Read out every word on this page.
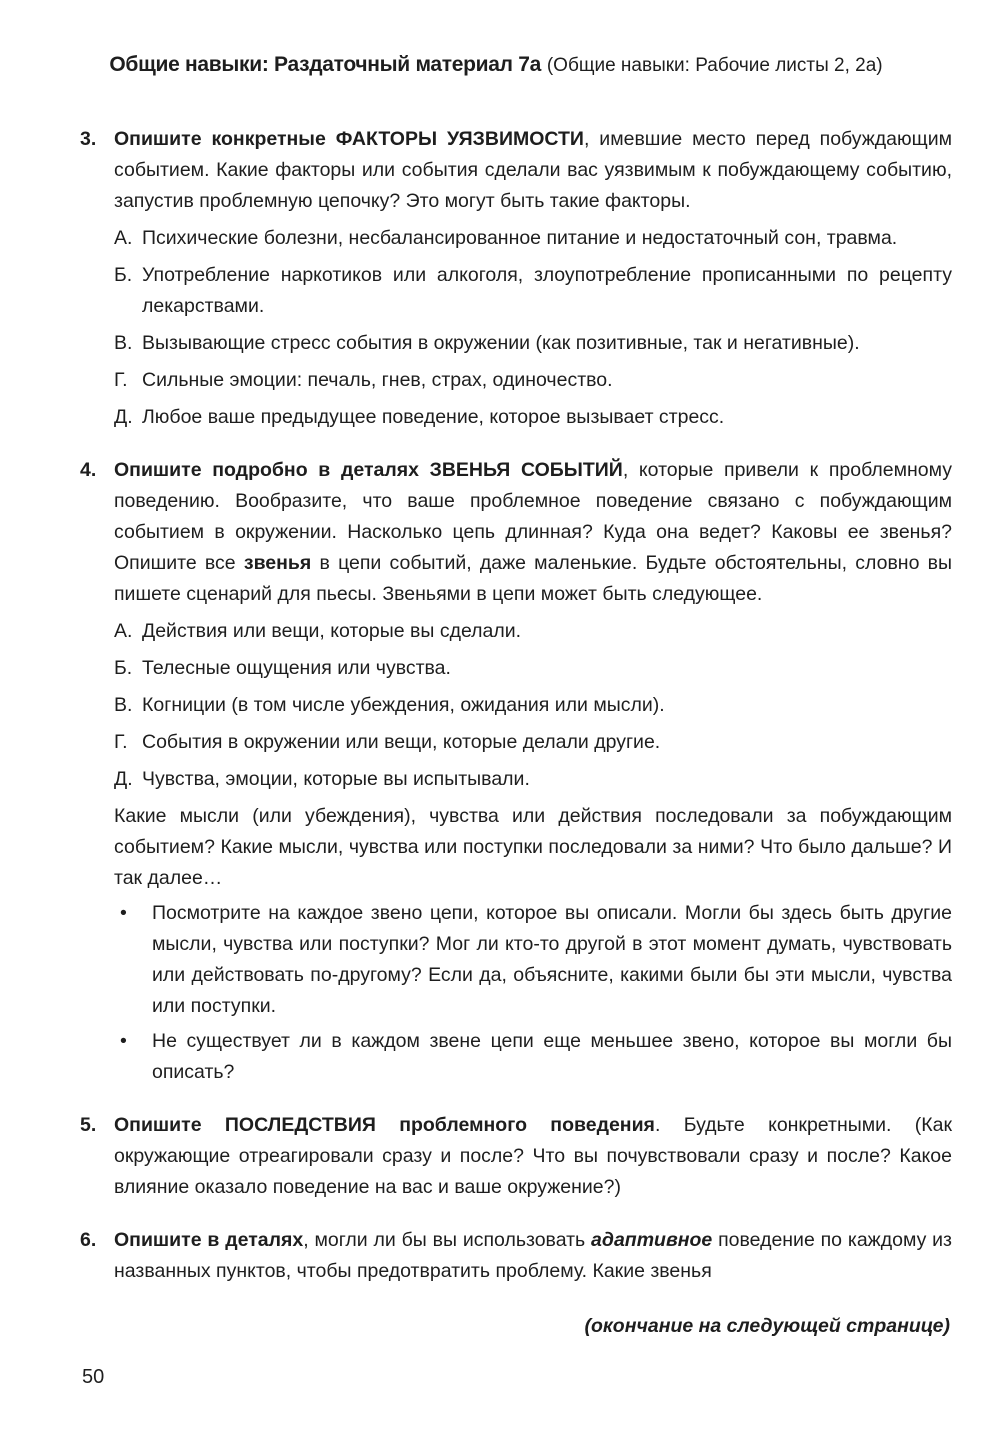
Общие навыки: Раздаточный материал 7а (Общие навыки: Рабочие листы 2, 2а)
3. Опишите конкретные ФАКТОРЫ УЯЗВИМОСТИ, имевшие место перед побуждающим событием. Какие факторы или события сделали вас уязвимым к побуждающему событию, запустив проблемную цепочку? Это могут быть такие факторы.
А. Психические болезни, несбалансированное питание и недостаточный сон, травма.
Б. Употребление наркотиков или алкоголя, злоупотребление прописанными по рецепту лекарствами.
В. Вызывающие стресс события в окружении (как позитивные, так и негативные).
Г. Сильные эмоции: печаль, гнев, страх, одиночество.
Д. Любое ваше предыдущее поведение, которое вызывает стресс.
4. Опишите подробно в деталях ЗВЕНЬЯ СОБЫТИЙ, которые привели к проблемному поведению. Вообразите, что ваше проблемное поведение связано с побуждающим событием в окружении. Насколько цепь длинная? Куда она ведет? Каковы ее звенья? Опишите все звенья в цепи событий, даже маленькие. Будьте обстоятельны, словно вы пишете сценарий для пьесы. Звеньями в цепи может быть следующее.
А. Действия или вещи, которые вы сделали.
Б. Телесные ощущения или чувства.
В. Когниции (в том числе убеждения, ожидания или мысли).
Г. События в окружении или вещи, которые делали другие.
Д. Чувства, эмоции, которые вы испытывали.
Какие мысли (или убеждения), чувства или действия последовали за побуждающим событием? Какие мысли, чувства или поступки последовали за ними? Что было дальше? И так далее…
• Посмотрите на каждое звено цепи, которое вы описали. Могли бы здесь быть другие мысли, чувства или поступки? Мог ли кто-то другой в этот момент думать, чувствовать или действовать по-другому? Если да, объясните, какими были бы эти мысли, чувства или поступки.
• Не существует ли в каждом звене цепи еще меньшее звено, которое вы могли бы описать?
5. Опишите ПОСЛЕДСТВИЯ проблемного поведения. Будьте конкретными. (Как окружающие отреагировали сразу и после? Что вы почувствовали сразу и после? Какое влияние оказало поведение на вас и ваше окружение?)
6. Опишите в деталях, могли ли бы вы использовать адаптивное поведение по каждому из названных пунктов, чтобы предотвратить проблему. Какие звенья
(окончание на следующей странице)
50
